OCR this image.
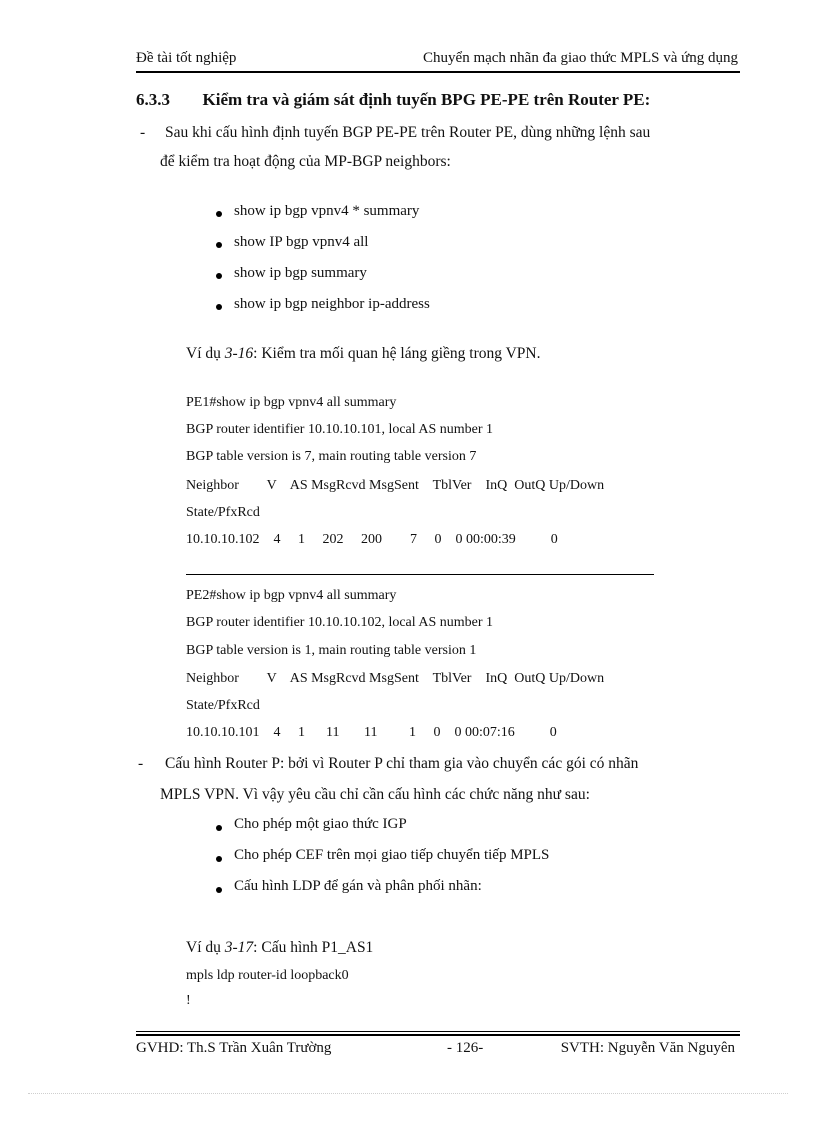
Đề tài tốt nghiệp	Chuyển mạch nhãn đa giao thức MPLS và ứng dụng
6.3.3 Kiểm tra và giám sát định tuyến BPG PE-PE trên Router PE:
- Sau khi cấu hình định tuyến BGP PE-PE trên Router PE, dùng những lệnh sau
để kiểm tra hoạt động của MP-BGP neighbors:
show ip bgp vpnv4 * summary
show IP bgp vpnv4 all
show ip bgp summary
show ip bgp neighbor ip-address
Ví dụ 3-16: Kiểm tra mối quan hệ láng giềng trong VPN.
PE1#show ip bgp vpnv4 all summary
BGP router identifier 10.10.10.101, local AS number 1
BGP table version is 7, main routing table version 7
Neighbor        V    AS MsgRcvd MsgSent    TblVer    InQ  OutQ Up/Down
State/PfxRcd
10.10.10.102    4     1     202     200        7     0    0 00:00:39          0
PE2#show ip bgp vpnv4 all summary
BGP router identifier 10.10.10.102, local AS number 1
BGP table version is 1, main routing table version 1
Neighbor        V    AS MsgRcvd MsgSent    TblVer    InQ  OutQ Up/Down
State/PfxRcd
10.10.10.101    4     1      11       11         1     0    0 00:07:16          0
- Cấu hình Router P: bởi vì Router P chỉ tham gia vào chuyển các gói có nhãn
MPLS VPN. Vì vậy yêu cầu chỉ cần cấu hình các chức năng như sau:
Cho phép một giao thức IGP
Cho phép CEF trên mọi giao tiếp chuyển tiếp MPLS
Cấu hình LDP để gán và phân phối nhãn:
Ví dụ 3-17: Cấu hình P1_AS1
mpls ldp router-id loopback0
!
GVHD: Th.S Trần Xuân Trường	- 126-	SVTH: Nguyễn Văn Nguyên
